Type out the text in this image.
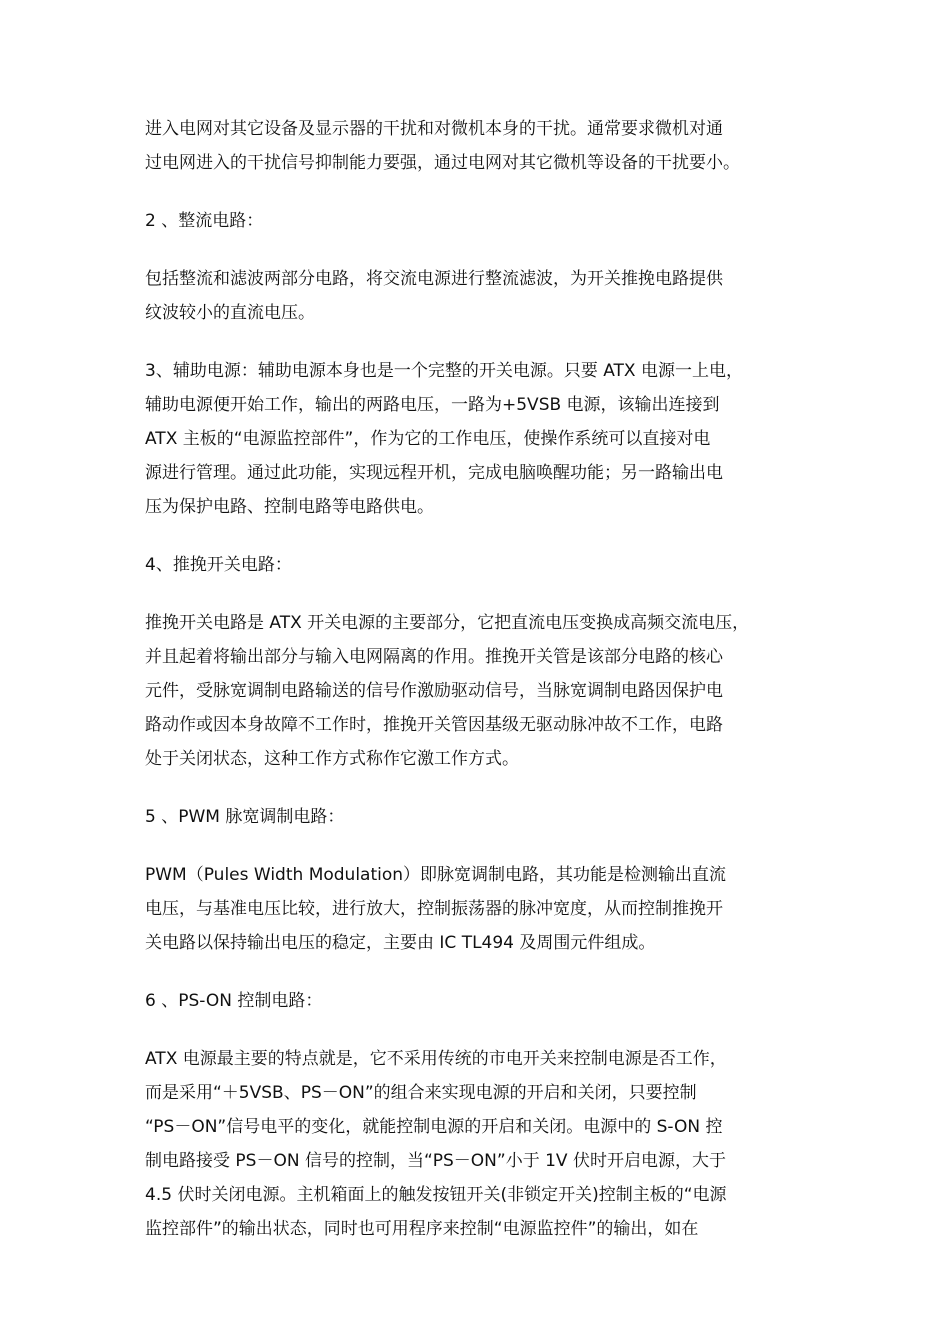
进入电网对其它设备及显示器的干扰和对微机本身的干扰。通常要求微机对通
过电网进入的干扰信号抑制能力要强，通过电网对其它微机等设备的干扰要小。
2 、整流电路：
包括整流和滤波两部分电路，将交流电源进行整流滤波，为开关推挽电路提供
纹波较小的直流电压。
3、辅助电源：辅助电源本身也是一个完整的开关电源。只要 ATX 电源一上电，
辅助电源便开始工作，输出的两路电压，一路为+5VSB 电源，该输出连接到
ATX 主板的“电源监控部件”，作为它的工作电压，使操作系统可以直接对电
源进行管理。通过此功能，实现远程开机，完成电脑唤醒功能；另一路输出电
压为保护电路、控制电路等电路供电。
4、推挽开关电路：
推挽开关电路是 ATX 开关电源的主要部分，它把直流电压变换成高频交流电压，
并且起着将输出部分与输入电网隔离的作用。推挽开关管是该部分电路的核心
元件，受脉宽调制电路输送的信号作激励驱动信号，当脉宽调制电路因保护电
路动作或因本身故障不工作时，推挽开关管因基级无驱动脉冲故不工作，电路
处于关闭状态，这种工作方式称作它激工作方式。
5 、PWM 脉宽调制电路：
PWM（Pules Width Modulation）即脉宽调制电路，其功能是检测输出直流
电压，与基准电压比较，进行放大，控制振荡器的脉冲宽度，从而控制推挽开
关电路以保持输出电压的稳定，主要由 IC TL494 及周围元件组成。
6 、PS-ON 控制电路：
ATX 电源最主要的特点就是，它不采用传统的市电开关来控制电源是否工作，
而是采用“＋5VSB、PS－ON”的组合来实现电源的开启和关闭，只要控制
“PS－ON”信号电平的变化，就能控制电源的开启和关闭。电源中的 S-ON 控
制电路接受 PS－ON 信号的控制，当“PS－ON”小于 1V 伏时开启电源，大于
4.5 伏时关闭电源。主机箱面上的触发按钮开关(非锁定开关)控制主板的“电源
监控部件”的输出状态，同时也可用程序来控制“电源监控件”的输出，如在
